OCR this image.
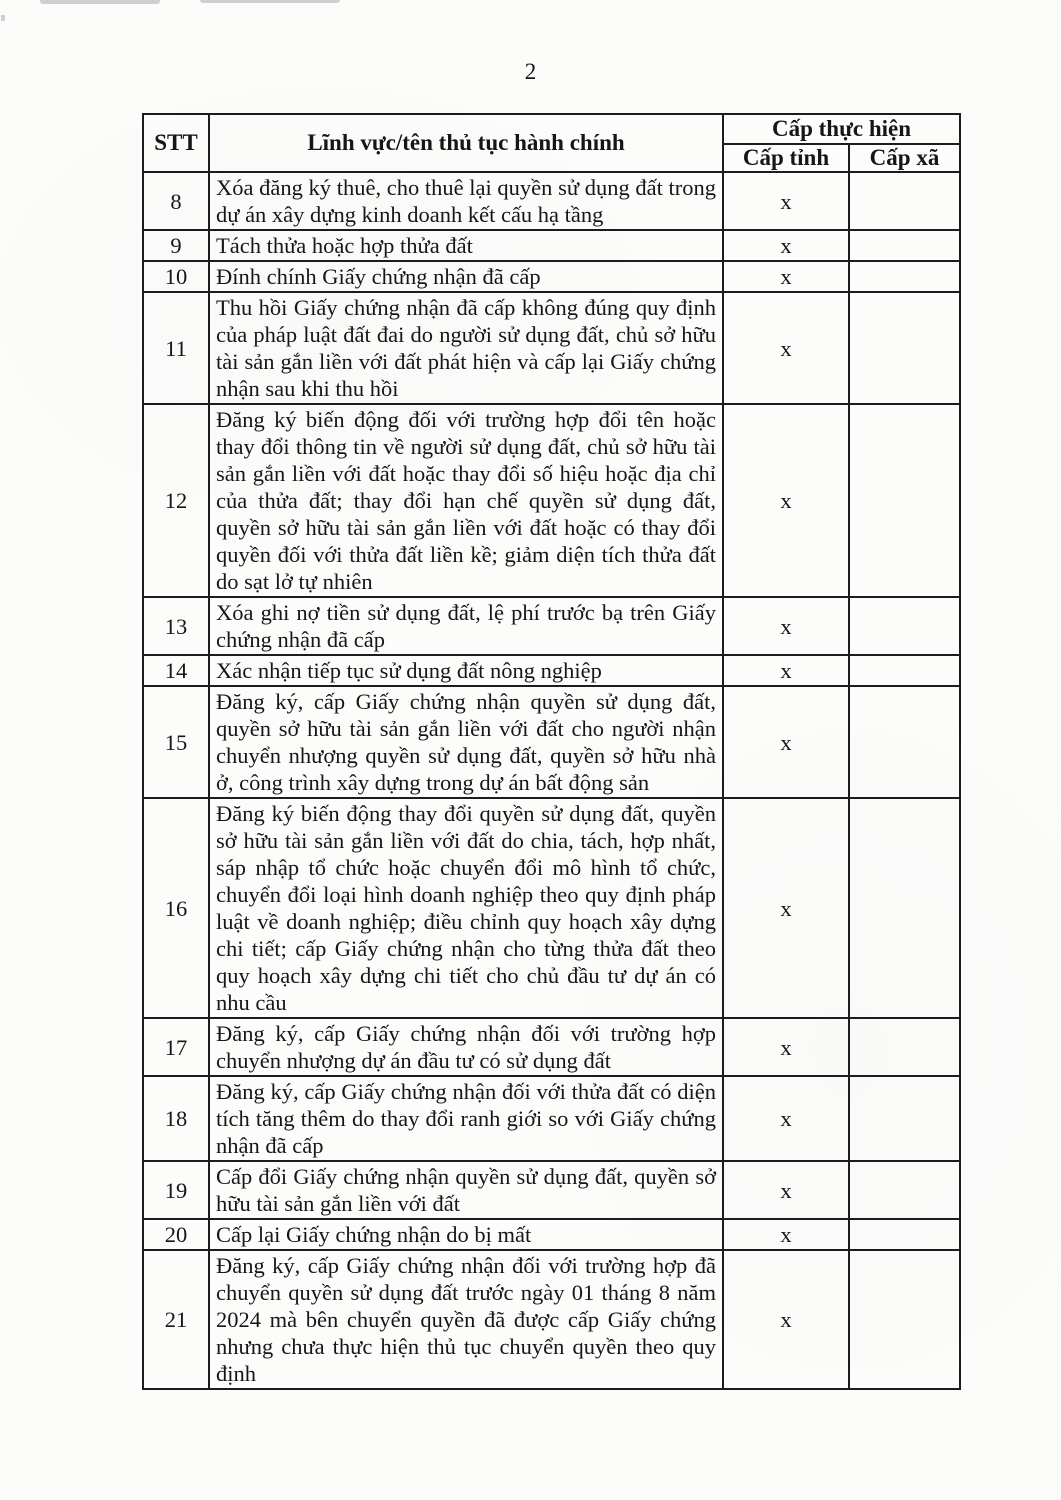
2
STT	Lĩnh vực/tên thủ tục hành chính	Cấp thực hiện	
		Cấp tỉnh	Cấp xã
8	Xóa đăng ký thuê, cho thuê lại quyền sử dụng đất trong dự án xây dựng kinh doanh kết cấu hạ tầng	x	
9	Tách thửa hoặc hợp thửa đất	x	
10	Đính chính Giấy chứng nhận đã cấp	x	
11	Thu hồi Giấy chứng nhận đã cấp không đúng quy định của pháp luật đất đai do người sử dụng đất, chủ sở hữu tài sản gắn liền với đất phát hiện và cấp lại Giấy chứng nhận sau khi thu hồi	x	
12	Đăng ký biến động đối với trường hợp đổi tên hoặc thay đổi thông tin về người sử dụng đất, chủ sở hữu tài sản gắn liền với đất hoặc thay đổi số hiệu hoặc địa chỉ của thửa đất; thay đổi hạn chế quyền sử dụng đất, quyền sở hữu tài sản gắn liền với đất hoặc có thay đổi quyền đối với thửa đất liền kề; giảm diện tích thửa đất do sạt lở tự nhiên	x	
13	Xóa ghi nợ tiền sử dụng đất, lệ phí trước bạ trên Giấy chứng nhận đã cấp	x	
14	Xác nhận tiếp tục sử dụng đất nông nghiệp	x	
15	Đăng ký, cấp Giấy chứng nhận quyền sử dụng đất, quyền sở hữu tài sản gắn liền với đất cho người nhận chuyển nhượng quyền sử dụng đất, quyền sở hữu nhà ở, công trình xây dựng trong dự án bất động sản	x	
16	Đăng ký biến động thay đổi quyền sử dụng đất, quyền sở hữu tài sản gắn liền với đất do chia, tách, hợp nhất, sáp nhập tổ chức hoặc chuyển đổi mô hình tổ chức, chuyển đổi loại hình doanh nghiệp theo quy định pháp luật về doanh nghiệp; điều chỉnh quy hoạch xây dựng chi tiết; cấp Giấy chứng nhận cho từng thửa đất theo quy hoạch xây dựng chi tiết cho chủ đầu tư dự án có nhu cầu	x	
17	Đăng ký, cấp Giấy chứng nhận đối với trường hợp chuyển nhượng dự án đầu tư có sử dụng đất	x	
18	Đăng ký, cấp Giấy chứng nhận đối với thửa đất có diện tích tăng thêm do thay đổi ranh giới so với Giấy chứng nhận đã cấp	x	
19	Cấp đổi Giấy chứng nhận quyền sử dụng đất, quyền sở hữu tài sản gắn liền với đất	x	
20	Cấp lại Giấy chứng nhận do bị mất	x	
21	Đăng ký, cấp Giấy chứng nhận đối với trường hợp đã chuyển quyền sử dụng đất trước ngày 01 tháng 8 năm 2024 mà bên chuyển quyền đã được cấp Giấy chứng nhưng chưa thực hiện thủ tục chuyển quyền theo quy định	x	
